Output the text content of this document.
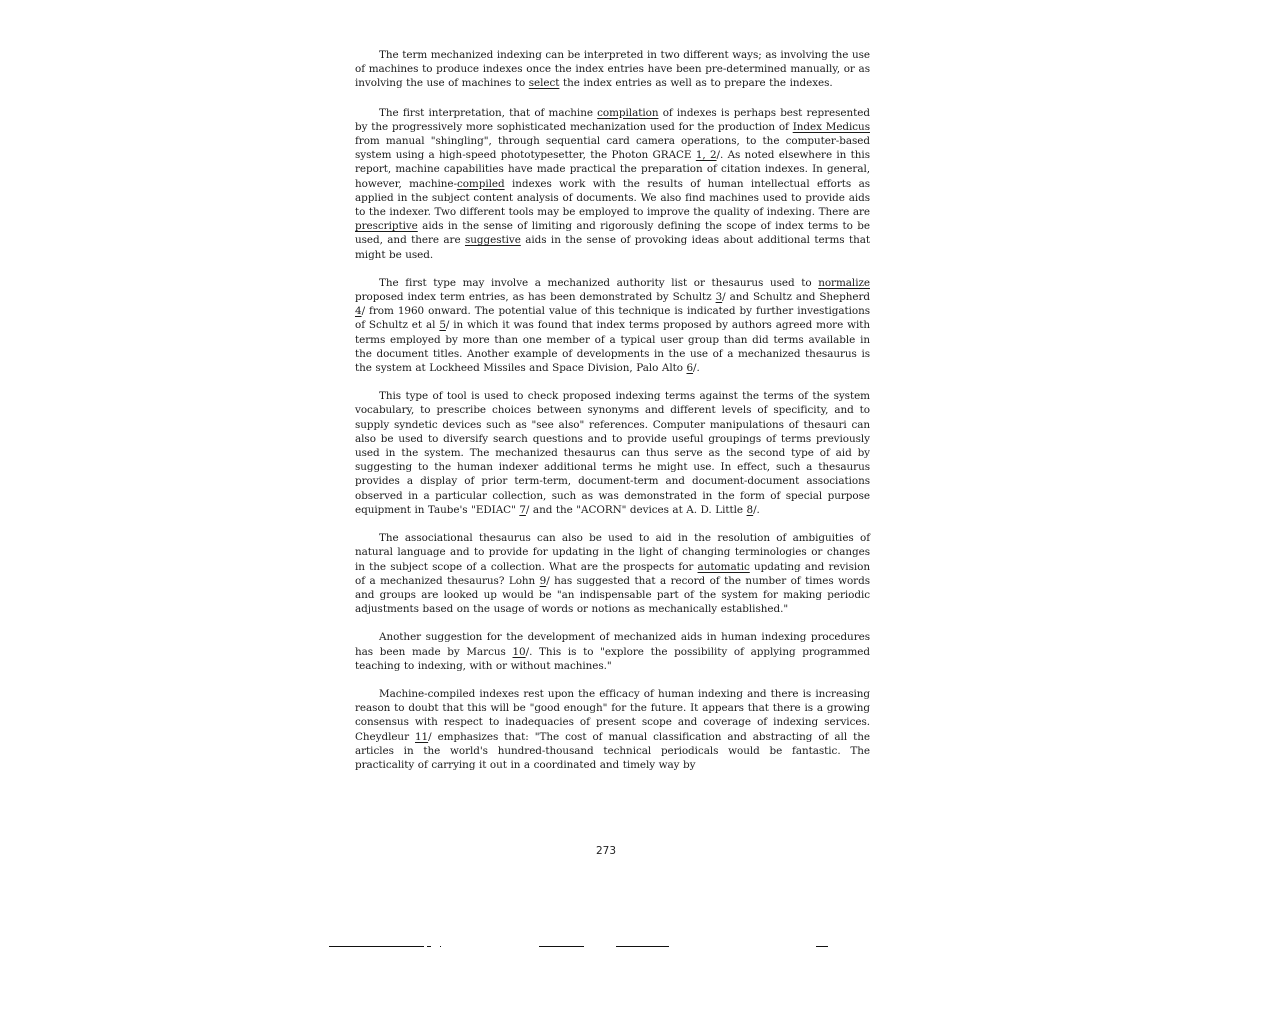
The term mechanized indexing can be interpreted in two different ways; as involving the use of machines to produce indexes once the index entries have been pre-determined manually, or as involving the use of machines to select the index entries as well as to prepare the indexes.

The first interpretation, that of machine compilation of indexes is perhaps best represented by the progressively more sophisticated mechanization used for the production of Index Medicus from manual "shingling", through sequential card camera operations, to the computer-based system using a high-speed phototypesetter, the Photon GRACE 1, 2/. As noted elsewhere in this report, machine capabilities have made practical the preparation of citation indexes. In general, however, machine-compiled indexes work with the results of human intellectual efforts as applied in the subject content analysis of documents. We also find machines used to provide aids to the indexer. Two different tools may be employed to improve the quality of indexing. There are prescriptive aids in the sense of limiting and rigorously defining the scope of index terms to be used, and there are suggestive aids in the sense of provoking ideas about additional terms that might be used.

The first type may involve a mechanized authority list or thesaurus used to normalize proposed index term entries, as has been demonstrated by Schultz 3/ and Schultz and Shepherd 4/ from 1960 onward. The potential value of this technique is indicated by further investigations of Schultz et al 5/ in which it was found that index terms proposed by authors agreed more with terms employed by more than one member of a typical user group than did terms available in the document titles. Another example of developments in the use of a mechanized thesaurus is the system at Lockheed Missiles and Space Division, Palo Alto 6/.

This type of tool is used to check proposed indexing terms against the terms of the system vocabulary, to prescribe choices between synonyms and different levels of specificity, and to supply syndetic devices such as "see also" references. Computer manipulations of thesauri can also be used to diversify search questions and to provide useful groupings of terms previously used in the system. The mechanized thesaurus can thus serve as the second type of aid by suggesting to the human indexer additional terms he might use. In effect, such a thesaurus provides a display of prior term-term, document-term and document-document associations observed in a particular collection, such as was demonstrated in the form of special purpose equipment in Taube's "EDIAC" 7/ and the "ACORN" devices at A. D. Little 8/.

The associational thesaurus can also be used to aid in the resolution of ambiguities of natural language and to provide for updating in the light of changing terminologies or changes in the subject scope of a collection. What are the prospects for automatic updating and revision of a mechanized thesaurus? Lohn 9/ has suggested that a record of the number of times words and groups are looked up would be "an indispensable part of the system for making periodic adjustments based on the usage of words or notions as mechanically established."

Another suggestion for the development of mechanized aids in human indexing procedures has been made by Marcus 10/. This is to "explore the possibility of applying programmed teaching to indexing, with or without machines."

Machine-compiled indexes rest upon the efficacy of human indexing and there is increasing reason to doubt that this will be "good enough" for the future. It appears that there is a growing consensus with respect to inadequacies of present scope and coverage of indexing services. Cheydleur 11/ emphasizes that: "The cost of manual classification and abstracting of all the articles in the world's hundred-thousand technical periodicals would be fantastic. The practicality of carrying it out in a coordinated and timely way by

273
